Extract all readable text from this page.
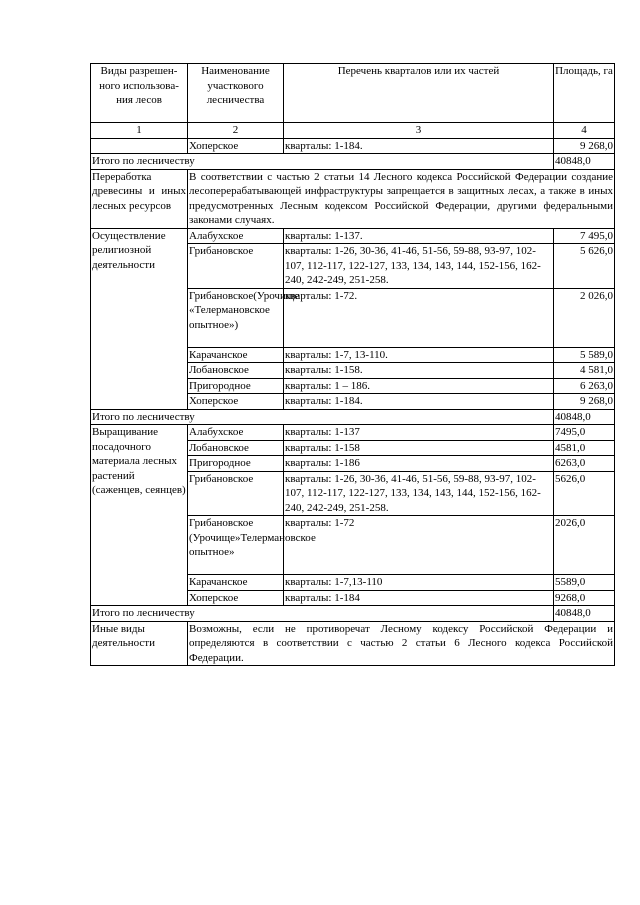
Виды разрешен-ного использова-ния лесов	Наименование участкового лесничества	Перечень кварталов или их частей	Площадь, га
1	2	3	4
	Хоперское	кварталы: 1-184.	9 268,0
Итого по лесничеству			40848,0
Переработка древесины и иных лесных ресурсов	В соответствии с частью 2 статьи 14 Лесного кодекса Российской Федерации создание лесоперерабатывающей инфраструктуры запрещается в защитных лесах, а также в иных предусмотренных Лесным кодексом Российской Федерации, другими федеральными законами случаях.		
Осуществление религиозной деятельности	Алабухское	кварталы: 1-137.	7 495,0
	Грибановское	кварталы: 1-26, 30-36, 41-46, 51-56, 59-88, 93-97, 102-107, 112-117, 122-127, 133, 134, 143, 144, 152-156, 162-240, 242-249, 251-258.	5 626,0
	Грибановское(Урочище «Телермановское опытное»)	кварталы: 1-72.	2 026,0
	Карачанское	кварталы: 1-7, 13-110.	5 589,0
	Лобановское	кварталы: 1-158.	4 581,0
	Пригородное	кварталы: 1 – 186.	6 263,0
	Хоперское	кварталы: 1-184.	9 268,0
Итого по лесничеству			40848,0
Выращивание посадочного материала лесных растений (саженцев, сеянцев)	Алабухское	кварталы: 1-137	7495,0
	Лобановское	кварталы: 1-158	4581,0
	Пригородное	кварталы: 1-186	6263,0
	Грибановское	кварталы: 1-26, 30-36, 41-46, 51-56, 59-88, 93-97, 102-107, 112-117, 122-127, 133, 134, 143, 144, 152-156, 162-240, 242-249, 251-258.	5626,0
	Грибановское (Урочище»Телермановское опытное»	кварталы: 1-72	2026,0
	Карачанское	кварталы: 1-7,13-110	5589,0
	Хоперское	кварталы: 1-184	9268,0
Итого по лесничеству			40848,0
Иные виды деятельности	Возможны, если не противоречат Лесному кодексу Российской Федерации и определяются в соответствии с частью 2 статьи 6 Лесного кодекса Российской Федерации.		
